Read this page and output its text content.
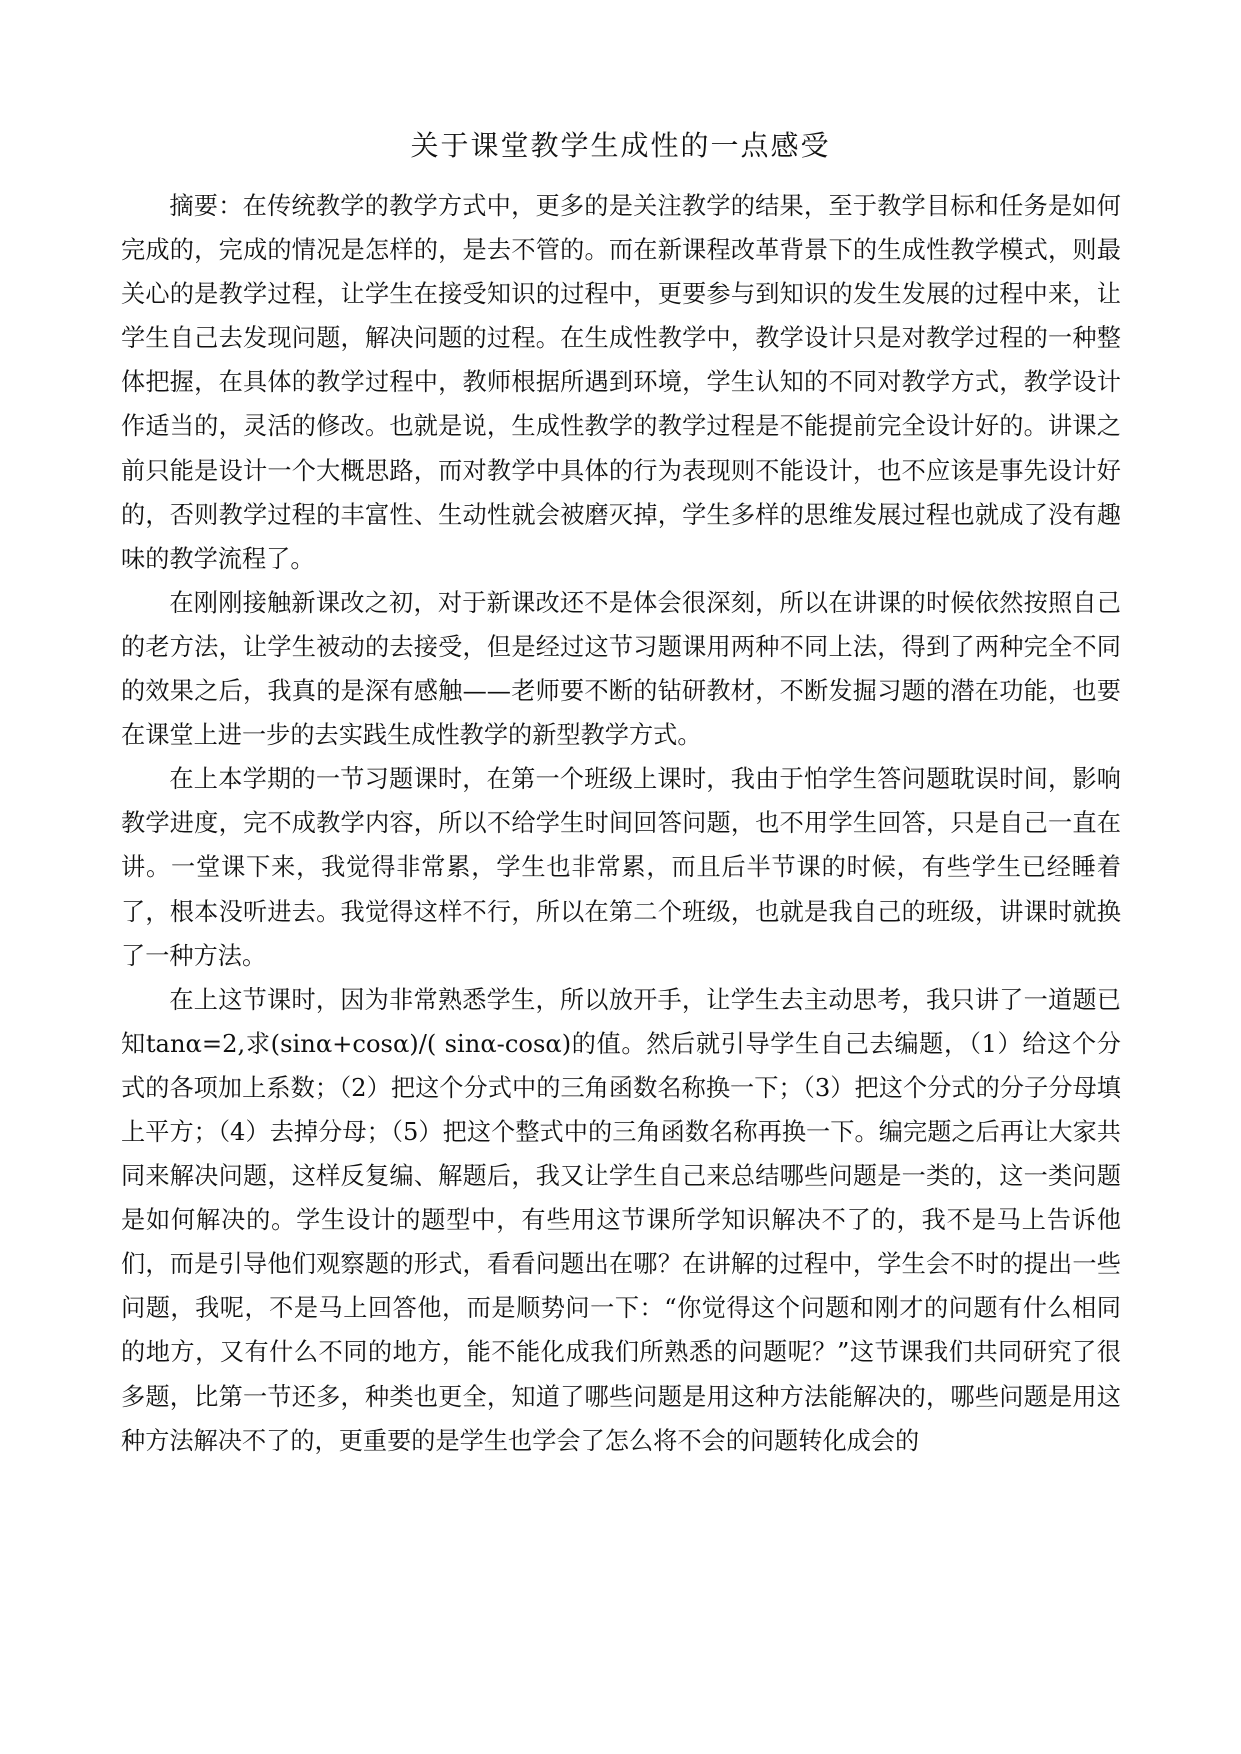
关于课堂教学生成性的一点感受

摘要：在传统教学的教学方式中，更多的是关注教学的结果，至于教学目标和任务是如何完成的，完成的情况是怎样的，是去不管的。而在新课程改革背景下的生成性教学模式，则最关心的是教学过程，让学生在接受知识的过程中，更要参与到知识的发生发展的过程中来，让学生自己去发现问题，解决问题的过程。在生成性教学中，教学设计只是对教学过程的一种整体把握，在具体的教学过程中，教师根据所遇到环境，学生认知的不同对教学方式，教学设计作适当的，灵活的修改。也就是说，生成性教学的教学过程是不能提前完全设计好的。讲课之前只能是设计一个大概思路，而对教学中具体的行为表现则不能设计，也不应该是事先设计好的，否则教学过程的丰富性、生动性就会被磨灭掉，学生多样的思维发展过程也就成了没有趣味的教学流程了。

在刚刚接触新课改之初，对于新课改还不是体会很深刻，所以在讲课的时候依然按照自己的老方法，让学生被动的去接受，但是经过这节习题课用两种不同上法，得到了两种完全不同的效果之后，我真的是深有感触——老师要不断的钻研教材，不断发掘习题的潜在功能，也要在课堂上进一步的去实践生成性教学的新型教学方式。

在上本学期的一节习题课时，在第一个班级上课时，我由于怕学生答问题耽误时间，影响教学进度，完不成教学内容，所以不给学生时间回答问题，也不用学生回答，只是自己一直在讲。一堂课下来，我觉得非常累，学生也非常累，而且后半节课的时候，有些学生已经睡着了，根本没听进去。我觉得这样不行，所以在第二个班级，也就是我自己的班级，讲课时就换了一种方法。

在上这节课时，因为非常熟悉学生，所以放开手，让学生去主动思考，我只讲了一道题已知tanα=2,求(sinα+cosα)/( sinα-cosα)的值。然后就引导学生自己去编题，（1）给这个分式的各项加上系数；（2）把这个分式中的三角函数名称换一下；（3）把这个分式的分子分母填上平方；（4）去掉分母；（5）把这个整式中的三角函数名称再换一下。编完题之后再让大家共同来解决问题，这样反复编、解题后，我又让学生自己来总结哪些问题是一类的，这一类问题是如何解决的。学生设计的题型中，有些用这节课所学知识解决不了的，我不是马上告诉他们，而是引导他们观察题的形式，看看问题出在哪？在讲解的过程中，学生会不时的提出一些问题，我呢，不是马上回答他，而是顺势问一下：“你觉得这个问题和刚才的问题有什么相同的地方，又有什么不同的地方，能不能化成我们所熟悉的问题呢？”这节课我们共同研究了很多题，比第一节还多，种类也更全，知道了哪些问题是用这种方法能解决的，哪些问题是用这种方法解决不了的，更重要的是学生也学会了怎么将不会的问题转化成会的
